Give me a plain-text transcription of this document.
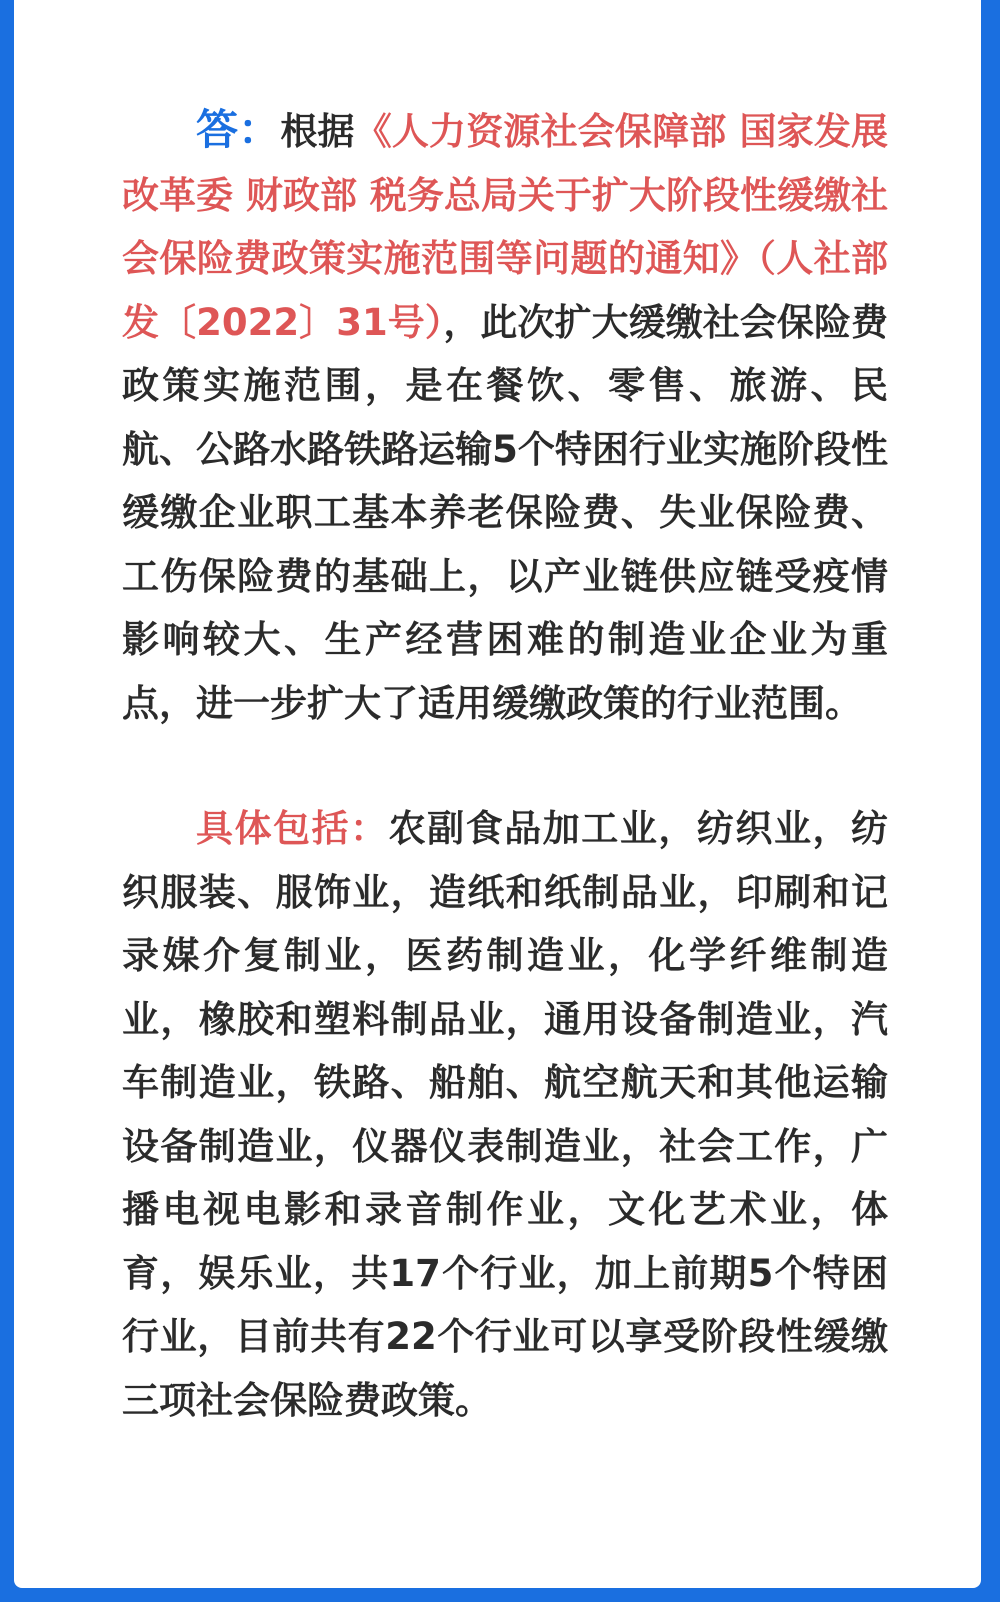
答：根据《人力资源社会保障部 国家发展改革委 财政部 税务总局关于扩大阶段性缓缴社会保险费政策实施范围等问题的通知》（人社部发〔2022〕31号），此次扩大缓缴社会保险费政策实施范围，是在餐饮、零售、旅游、民航、公路水路铁路运输5个特困行业实施阶段性缓缴企业职工基本养老保险费、失业保险费、工伤保险费的基础上，以产业链供应链受疫情影响较大、生产经营困难的制造业企业为重点，进一步扩大了适用缓缴政策的行业范围。

具体包括：农副食品加工业，纺织业，纺织服装、服饰业，造纸和纸制品业，印刷和记录媒介复制业，医药制造业，化学纤维制造业，橡胶和塑料制品业，通用设备制造业，汽车制造业，铁路、船舶、航空航天和其他运输设备制造业，仪器仪表制造业，社会工作，广播电视电影和录音制作业，文化艺术业，体育，娱乐业，共17个行业，加上前期5个特困行业，目前共有22个行业可以享受阶段性缓缴三项社会保险费政策。
